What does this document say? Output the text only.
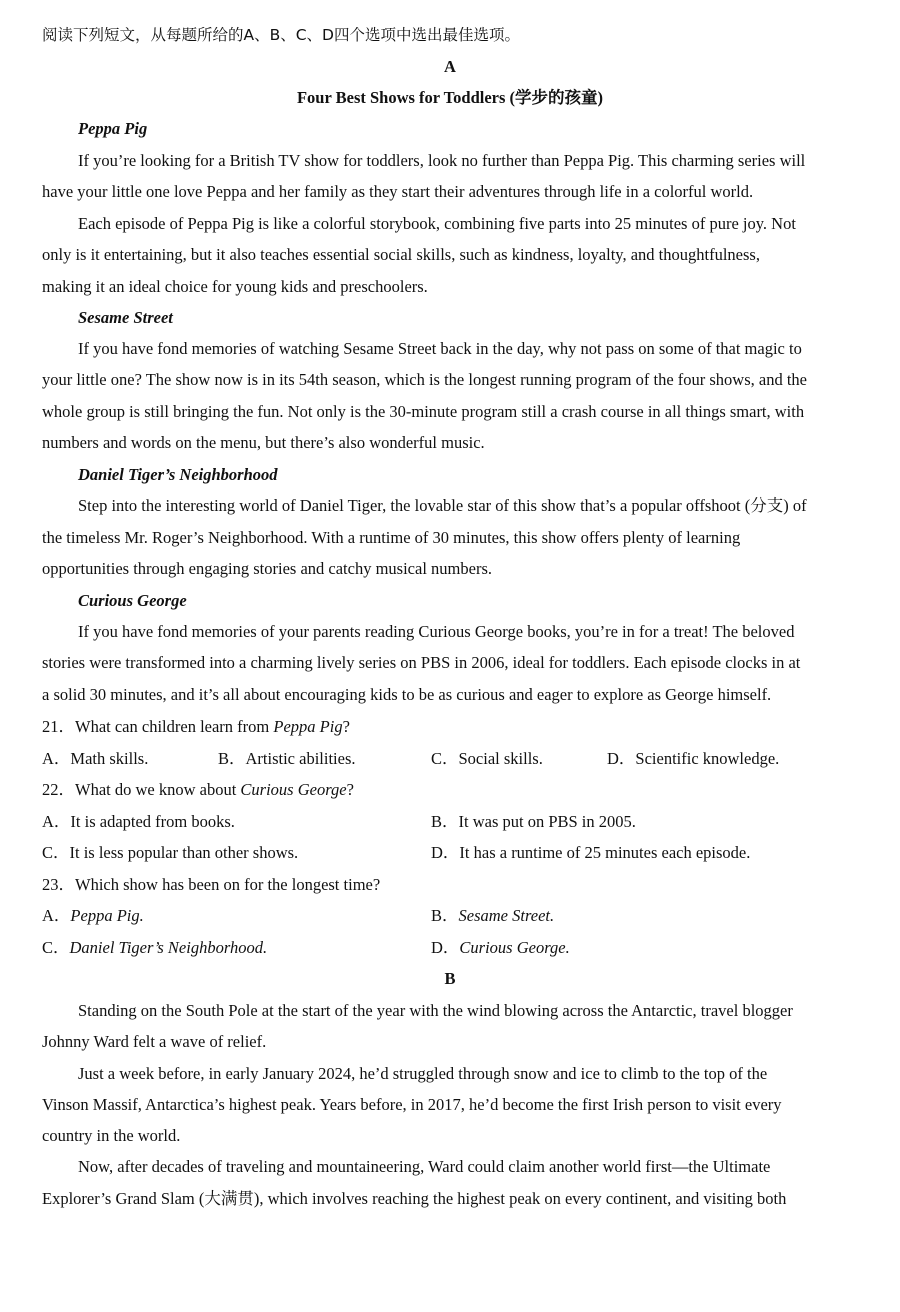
阅读下列短文，从每题所给的A、B、C、D四个选项中选出最佳选项。
A
Four Best Shows for Toddlers (学步的孩童)
Peppa Pig
If you’re looking for a British TV show for toddlers, look no further than Peppa Pig. This charming series will
have your little one love Peppa and her family as they start their adventures through life in a colorful world.
Each episode of Peppa Pig is like a colorful storybook, combining five parts into 25 minutes of pure joy. Not
only is it entertaining, but it also teaches essential social skills, such as kindness, loyalty, and thoughtfulness,
making it an ideal choice for young kids and preschoolers.
Sesame Street
If you have fond memories of watching Sesame Street back in the day, why not pass on some of that magic to
your little one? The show now is in its 54th season, which is the longest running program of the four shows, and the
whole group is still bringing the fun. Not only is the 30-minute program still a crash course in all things smart, with
numbers and words on the menu, but there’s also wonderful music.
Daniel Tiger’s Neighborhood
Step into the interesting world of Daniel Tiger, the lovable star of this show that’s a popular offshoot (分支) of
the timeless Mr. Roger’s Neighborhood. With a runtime of 30 minutes, this show offers plenty of learning
opportunities through engaging stories and catchy musical numbers.
Curious George
If you have fond memories of your parents reading Curious George books, you’re in for a treat! The beloved
stories were transformed into a charming lively series on PBS in 2006, ideal for toddlers. Each episode clocks in at
a solid 30 minutes, and it’s all about encouraging kids to be as curious and eager to explore as George himself.
21．What can children learn from Peppa Pig?
A．Math skills.	B．Artistic abilities.	C．Social skills.	D．Scientific knowledge.
22．What do we know about Curious George?
A．It is adapted from books.	B．It was put on PBS in 2005.
C．It is less popular than other shows.	D．It has a runtime of 25 minutes each episode.
23．Which show has been on for the longest time?
A．Peppa Pig.	B．Sesame Street.
C．Daniel Tiger’s Neighborhood.	D．Curious George.
B
Standing on the South Pole at the start of the year with the wind blowing across the Antarctic, travel blogger
Johnny Ward felt a wave of relief.
Just a week before, in early January 2024, he’d struggled through snow and ice to climb to the top of the
Vinson Massif, Antarctica’s highest peak. Years before, in 2017, he’d become the first Irish person to visit every
country in the world.
Now, after decades of traveling and mountaineering, Ward could claim another world first—the Ultimate
Explorer’s Grand Slam (大满贯), which involves reaching the highest peak on every continent, and visiting both
